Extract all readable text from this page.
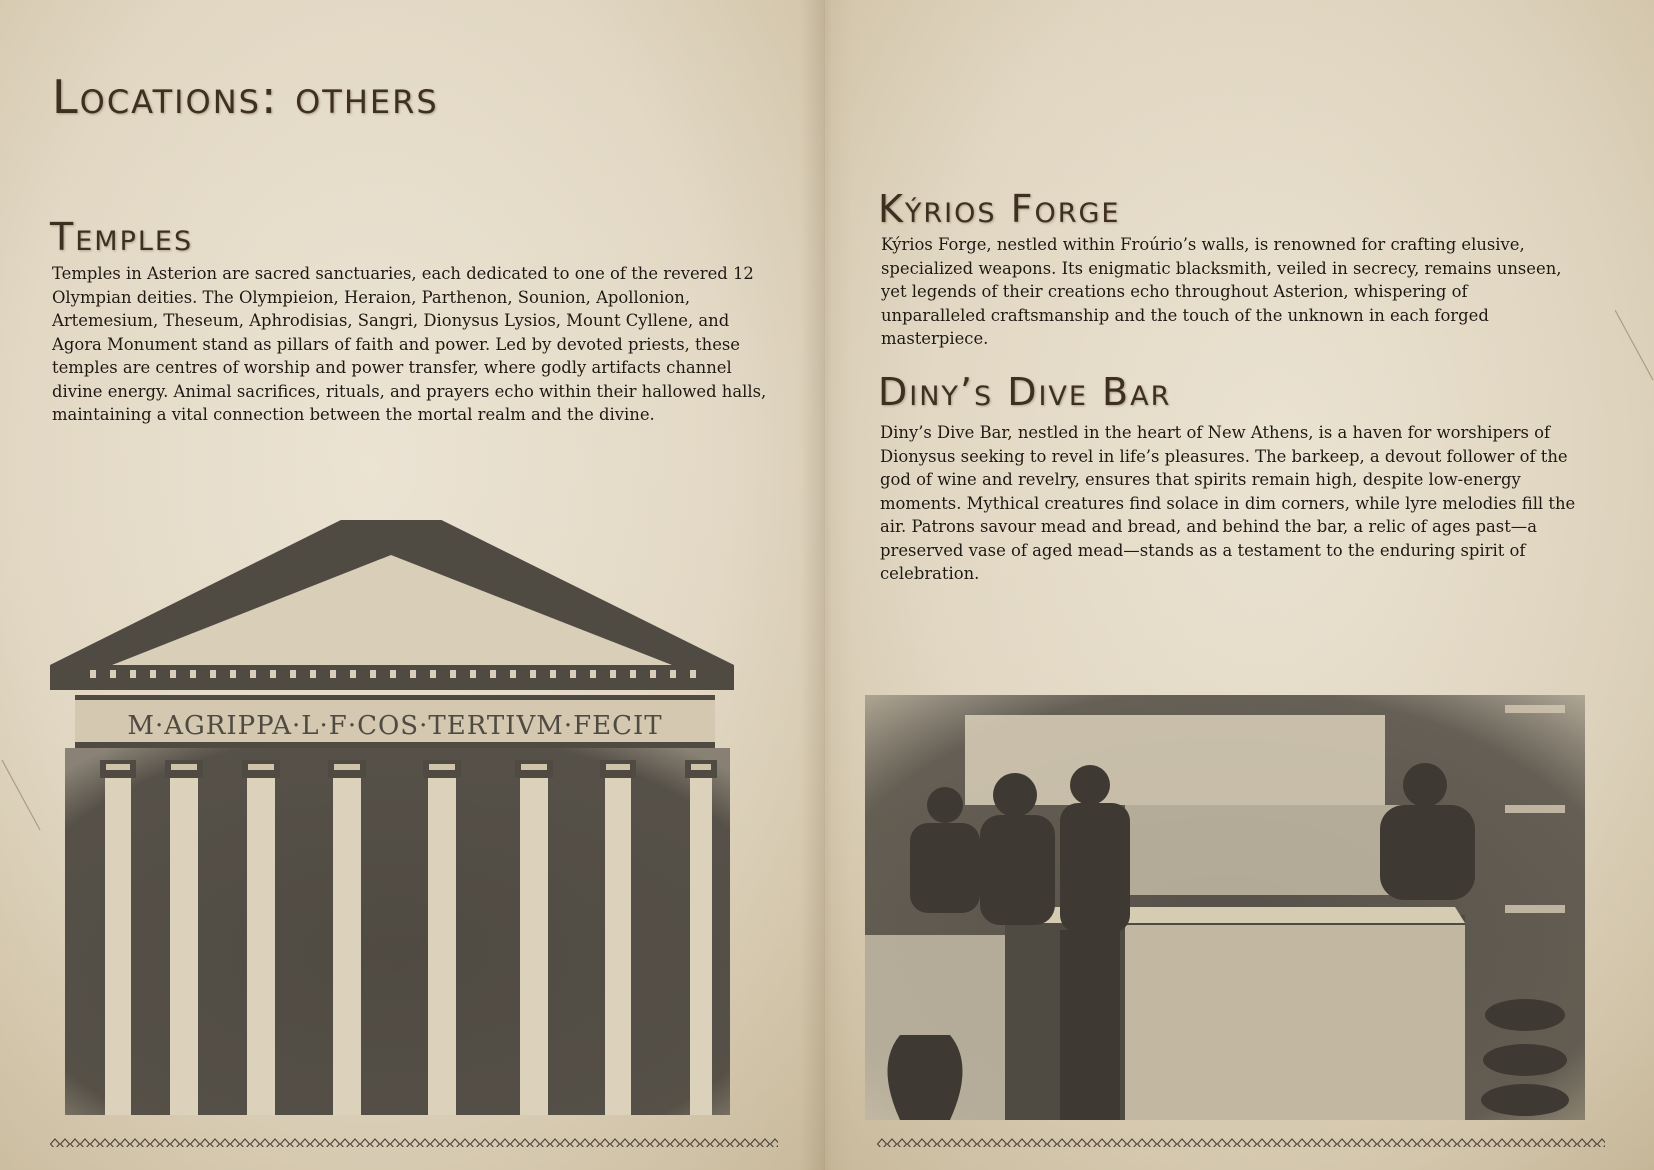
Locations: others
Temples

Temples in Asterion are sacred sanctuaries, each dedicated to one of the revered 12 Olympian deities. The Olympieion, Heraion, Parthenon, Sounion, Apollonion, Artemesium, Theseum, Aphrodisias, Sangri, Dionysus Lysios, Mount Cyllene, and Agora Monument stand as pillars of faith and power. Led by devoted priests, these temples are centres of worship and power transfer, where godly artifacts channel divine energy. Animal sacrifices, rituals, and prayers echo within their hallowed halls, maintaining a vital connection between the mortal realm and the divine.

M·AGRIPPA·L·F·COS·TERTIVM·FECIT
Kýrios Forge

Kýrios Forge, nestled within Froúrio’s walls, is renowned for crafting elusive, specialized weapons. Its enigmatic blacksmith, veiled in secrecy, remains unseen, yet legends of their creations echo throughout Asterion, whispering of unparalleled craftsmanship and the touch of the unknown in each forged masterpiece.

Diny’s Dive Bar

Diny’s Dive Bar, nestled in the heart of New Athens, is a haven for worshipers of Dionysus seeking to revel in life’s pleasures. The barkeep, a devout follower of the god of wine and revelry, ensures that spirits remain high, despite low-energy moments. Mythical creatures find solace in dim corners, while lyre melodies fill the air. Patrons savour mead and bread, and behind the bar, a relic of ages past—a preserved vase of aged mead—stands as a testament to the enduring spirit of celebration.
